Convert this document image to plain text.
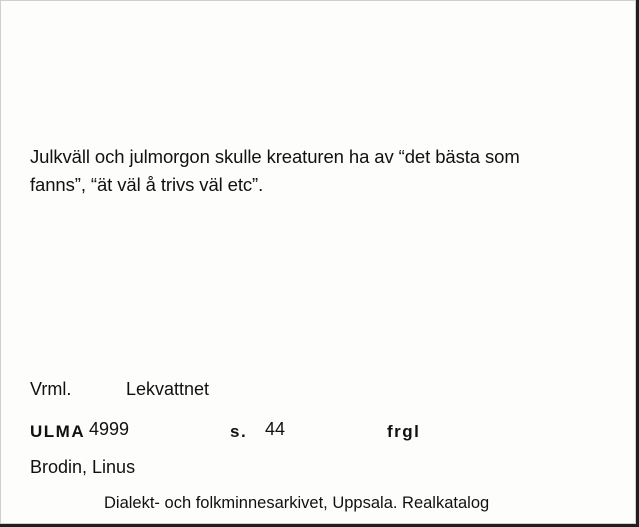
Julkväll och julmorgon skulle kreaturen ha av “det bästa som
fanns”, “ät väl å trivs väl etc”.
Vrml.	Lekvattnet
ULMA 4999	s. 44	frgl
Brodin, Linus
Dialekt- och folkminnesarkivet, Uppsala. Realkatalog
